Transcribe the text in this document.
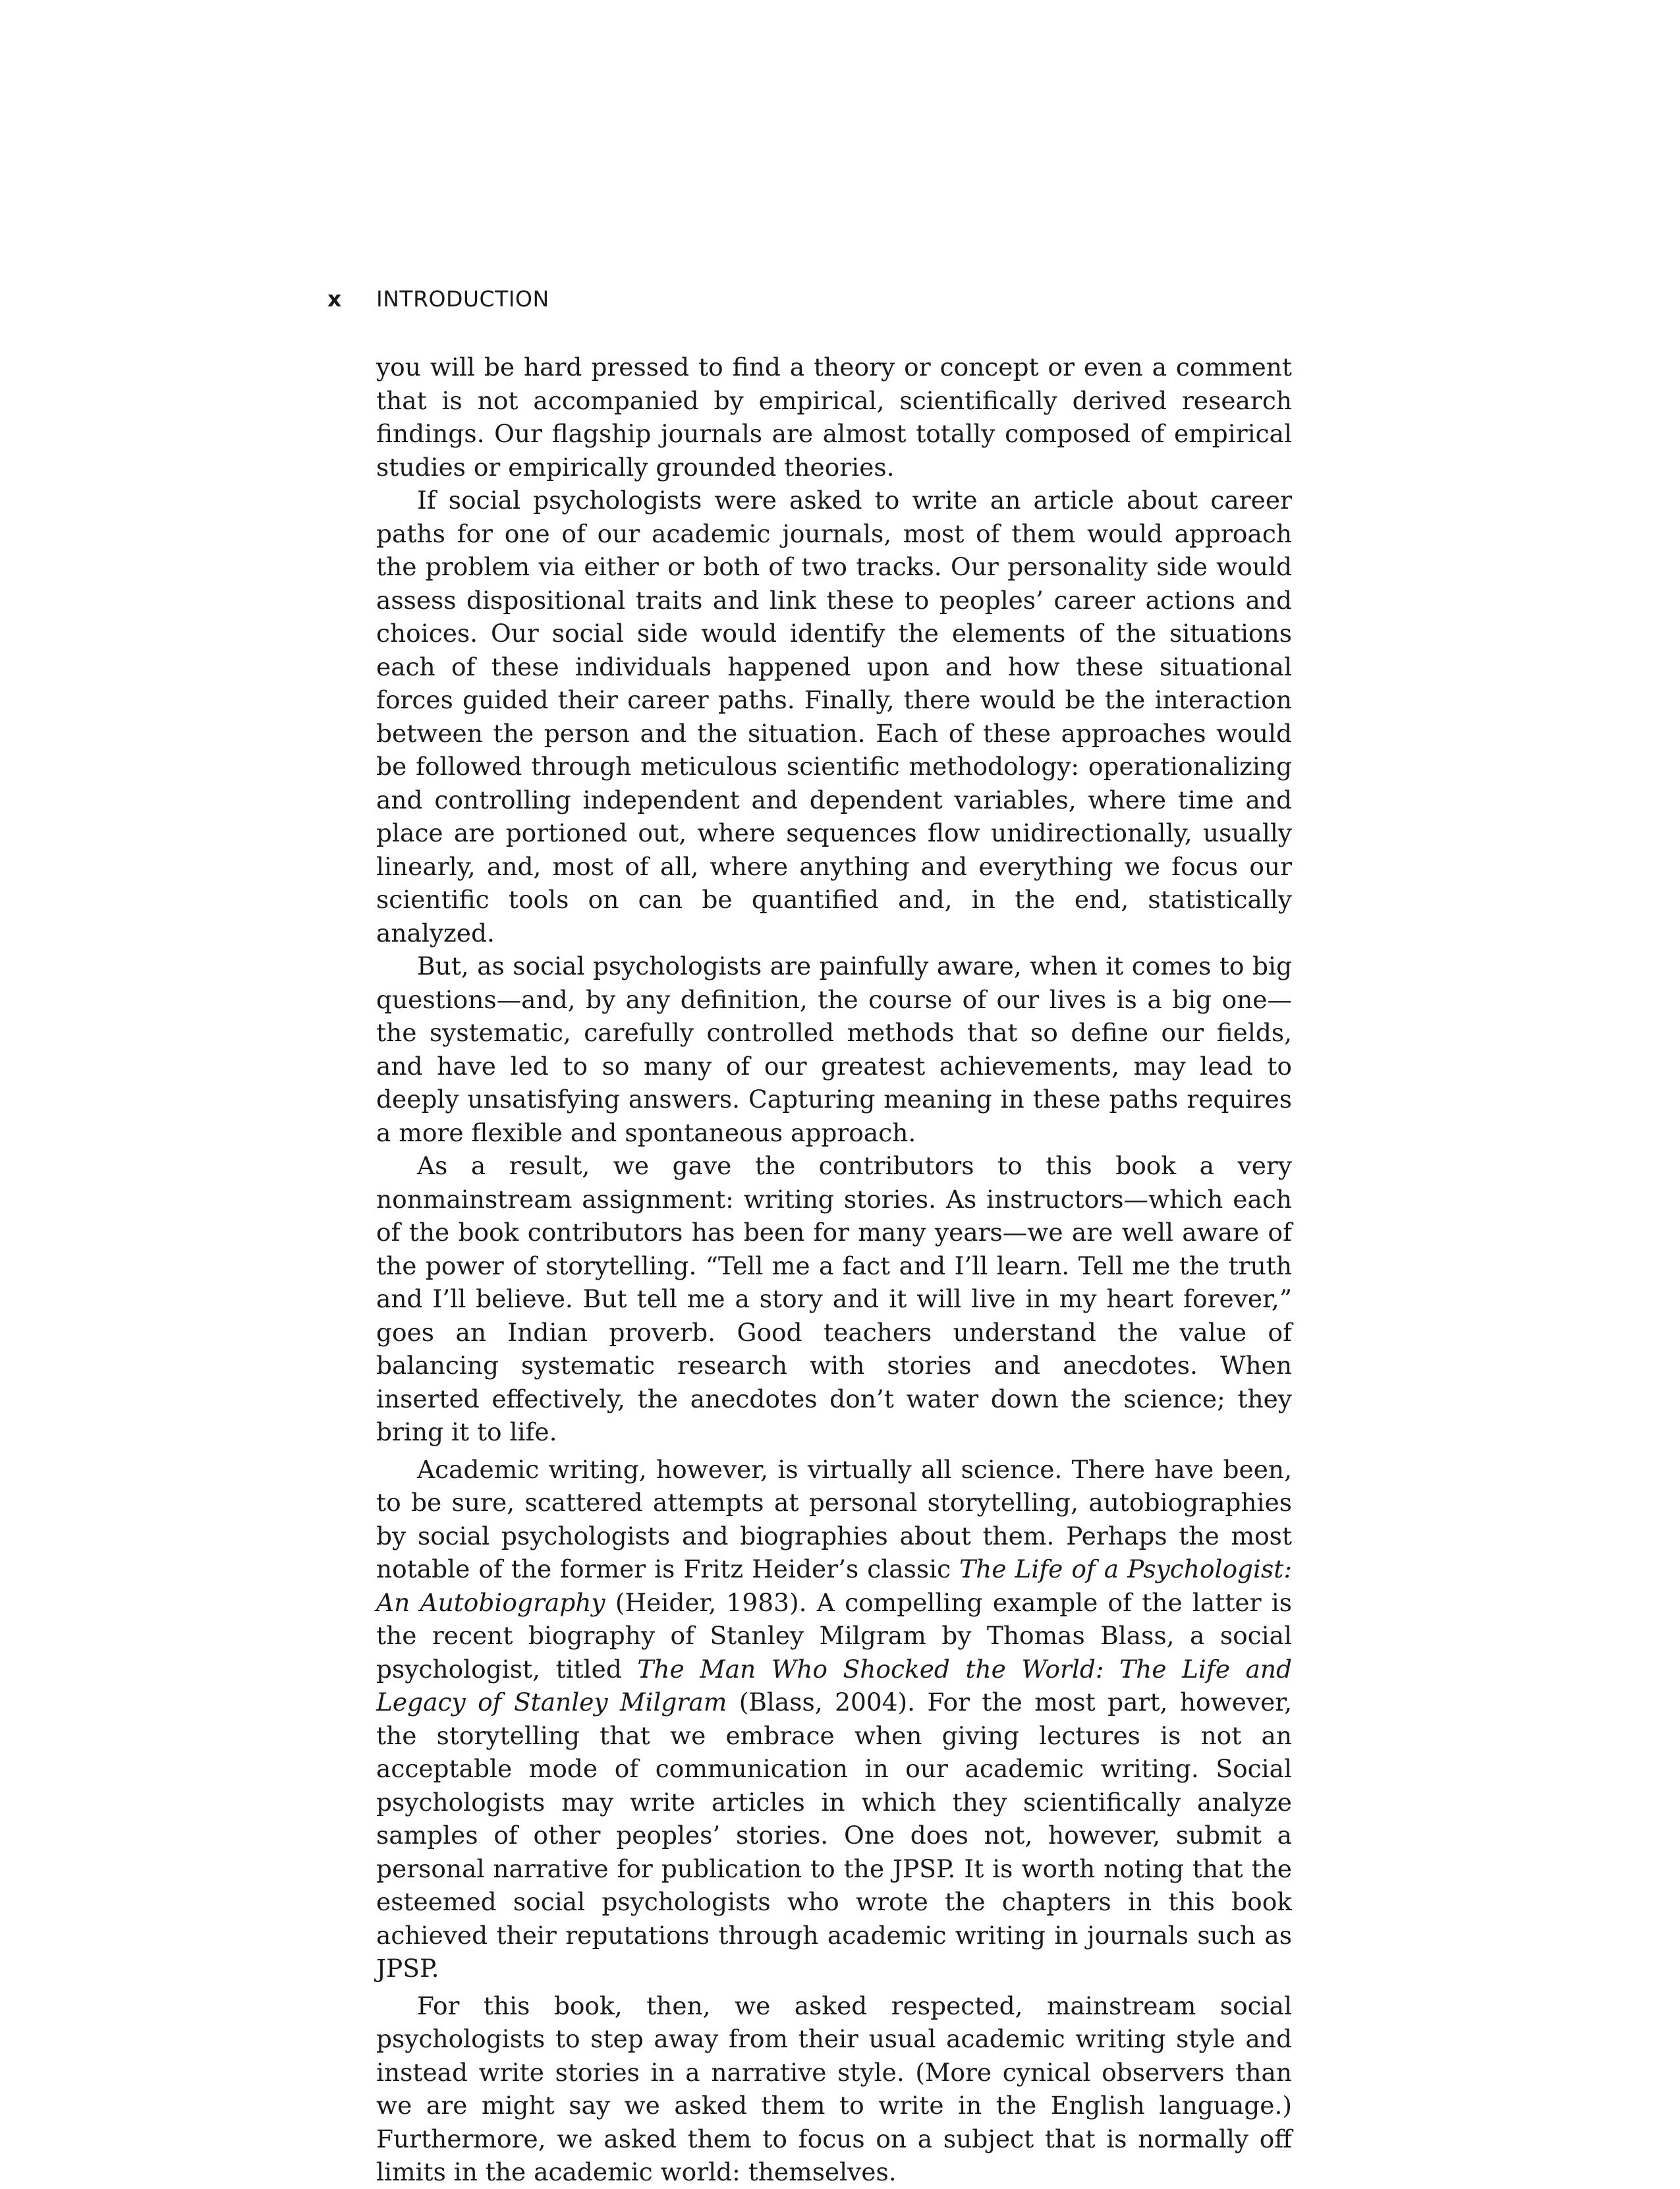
x INTRODUCTION

you will be hard pressed to find a theory or concept or even a comment that is not accompanied by empirical, scientifically derived research findings. Our flagship journals are almost totally composed of empirical studies or empirically grounded theories.

If social psychologists were asked to write an article about career paths for one of our academic journals, most of them would approach the problem via either or both of two tracks. Our personality side would assess dispositional traits and link these to peoples’ career actions and choices. Our social side would identify the elements of the situations each of these individuals happened upon and how these situational forces guided their career paths. Finally, there would be the interaction between the person and the situation. Each of these approaches would be followed through meticulous scientific methodology: operationalizing and controlling independent and dependent variables, where time and place are portioned out, where sequences flow unidirectionally, usually linearly, and, most of all, where anything and everything we focus our scientific tools on can be quantified and, in the end, statistically analyzed.

But, as social psychologists are painfully aware, when it comes to big questions—and, by any definition, the course of our lives is a big one—the systematic, carefully controlled methods that so define our fields, and have led to so many of our greatest achievements, may lead to deeply unsatisfying answers. Capturing meaning in these paths requires a more flexible and spontaneous approach.

As a result, we gave the contributors to this book a very nonmainstream assignment: writing stories. As instructors—which each of the book contributors has been for many years—we are well aware of the power of storytelling. “Tell me a fact and I’ll learn. Tell me the truth and I’ll believe. But tell me a story and it will live in my heart forever,” goes an Indian proverb. Good teachers understand the value of balancing systematic research with stories and anecdotes. When inserted effectively, the anecdotes don’t water down the science; they bring it to life.

Academic writing, however, is virtually all science. There have been, to be sure, scattered attempts at personal storytelling, autobiographies by social psychologists and biographies about them. Perhaps the most notable of the former is Fritz Heider’s classic The Life of a Psychologist: An Autobiography (Heider, 1983). A compelling example of the latter is the recent biography of Stanley Milgram by Thomas Blass, a social psychologist, titled The Man Who Shocked the World: The Life and Legacy of Stanley Milgram (Blass, 2004). For the most part, however, the storytelling that we embrace when giving lectures is not an acceptable mode of communication in our academic writing. Social psychologists may write articles in which they scientifically analyze samples of other peoples’ stories. One does not, however, submit a personal narrative for publication to the JPSP. It is worth noting that the esteemed social psychologists who wrote the chapters in this book achieved their reputations through academic writing in journals such as JPSP.

For this book, then, we asked respected, mainstream social psychologists to step away from their usual academic writing style and instead write stories in a narrative style. (More cynical observers than we are might say we asked them to write in the English language.) Furthermore, we asked them to focus on a subject that is normally off limits in the academic world: themselves.
